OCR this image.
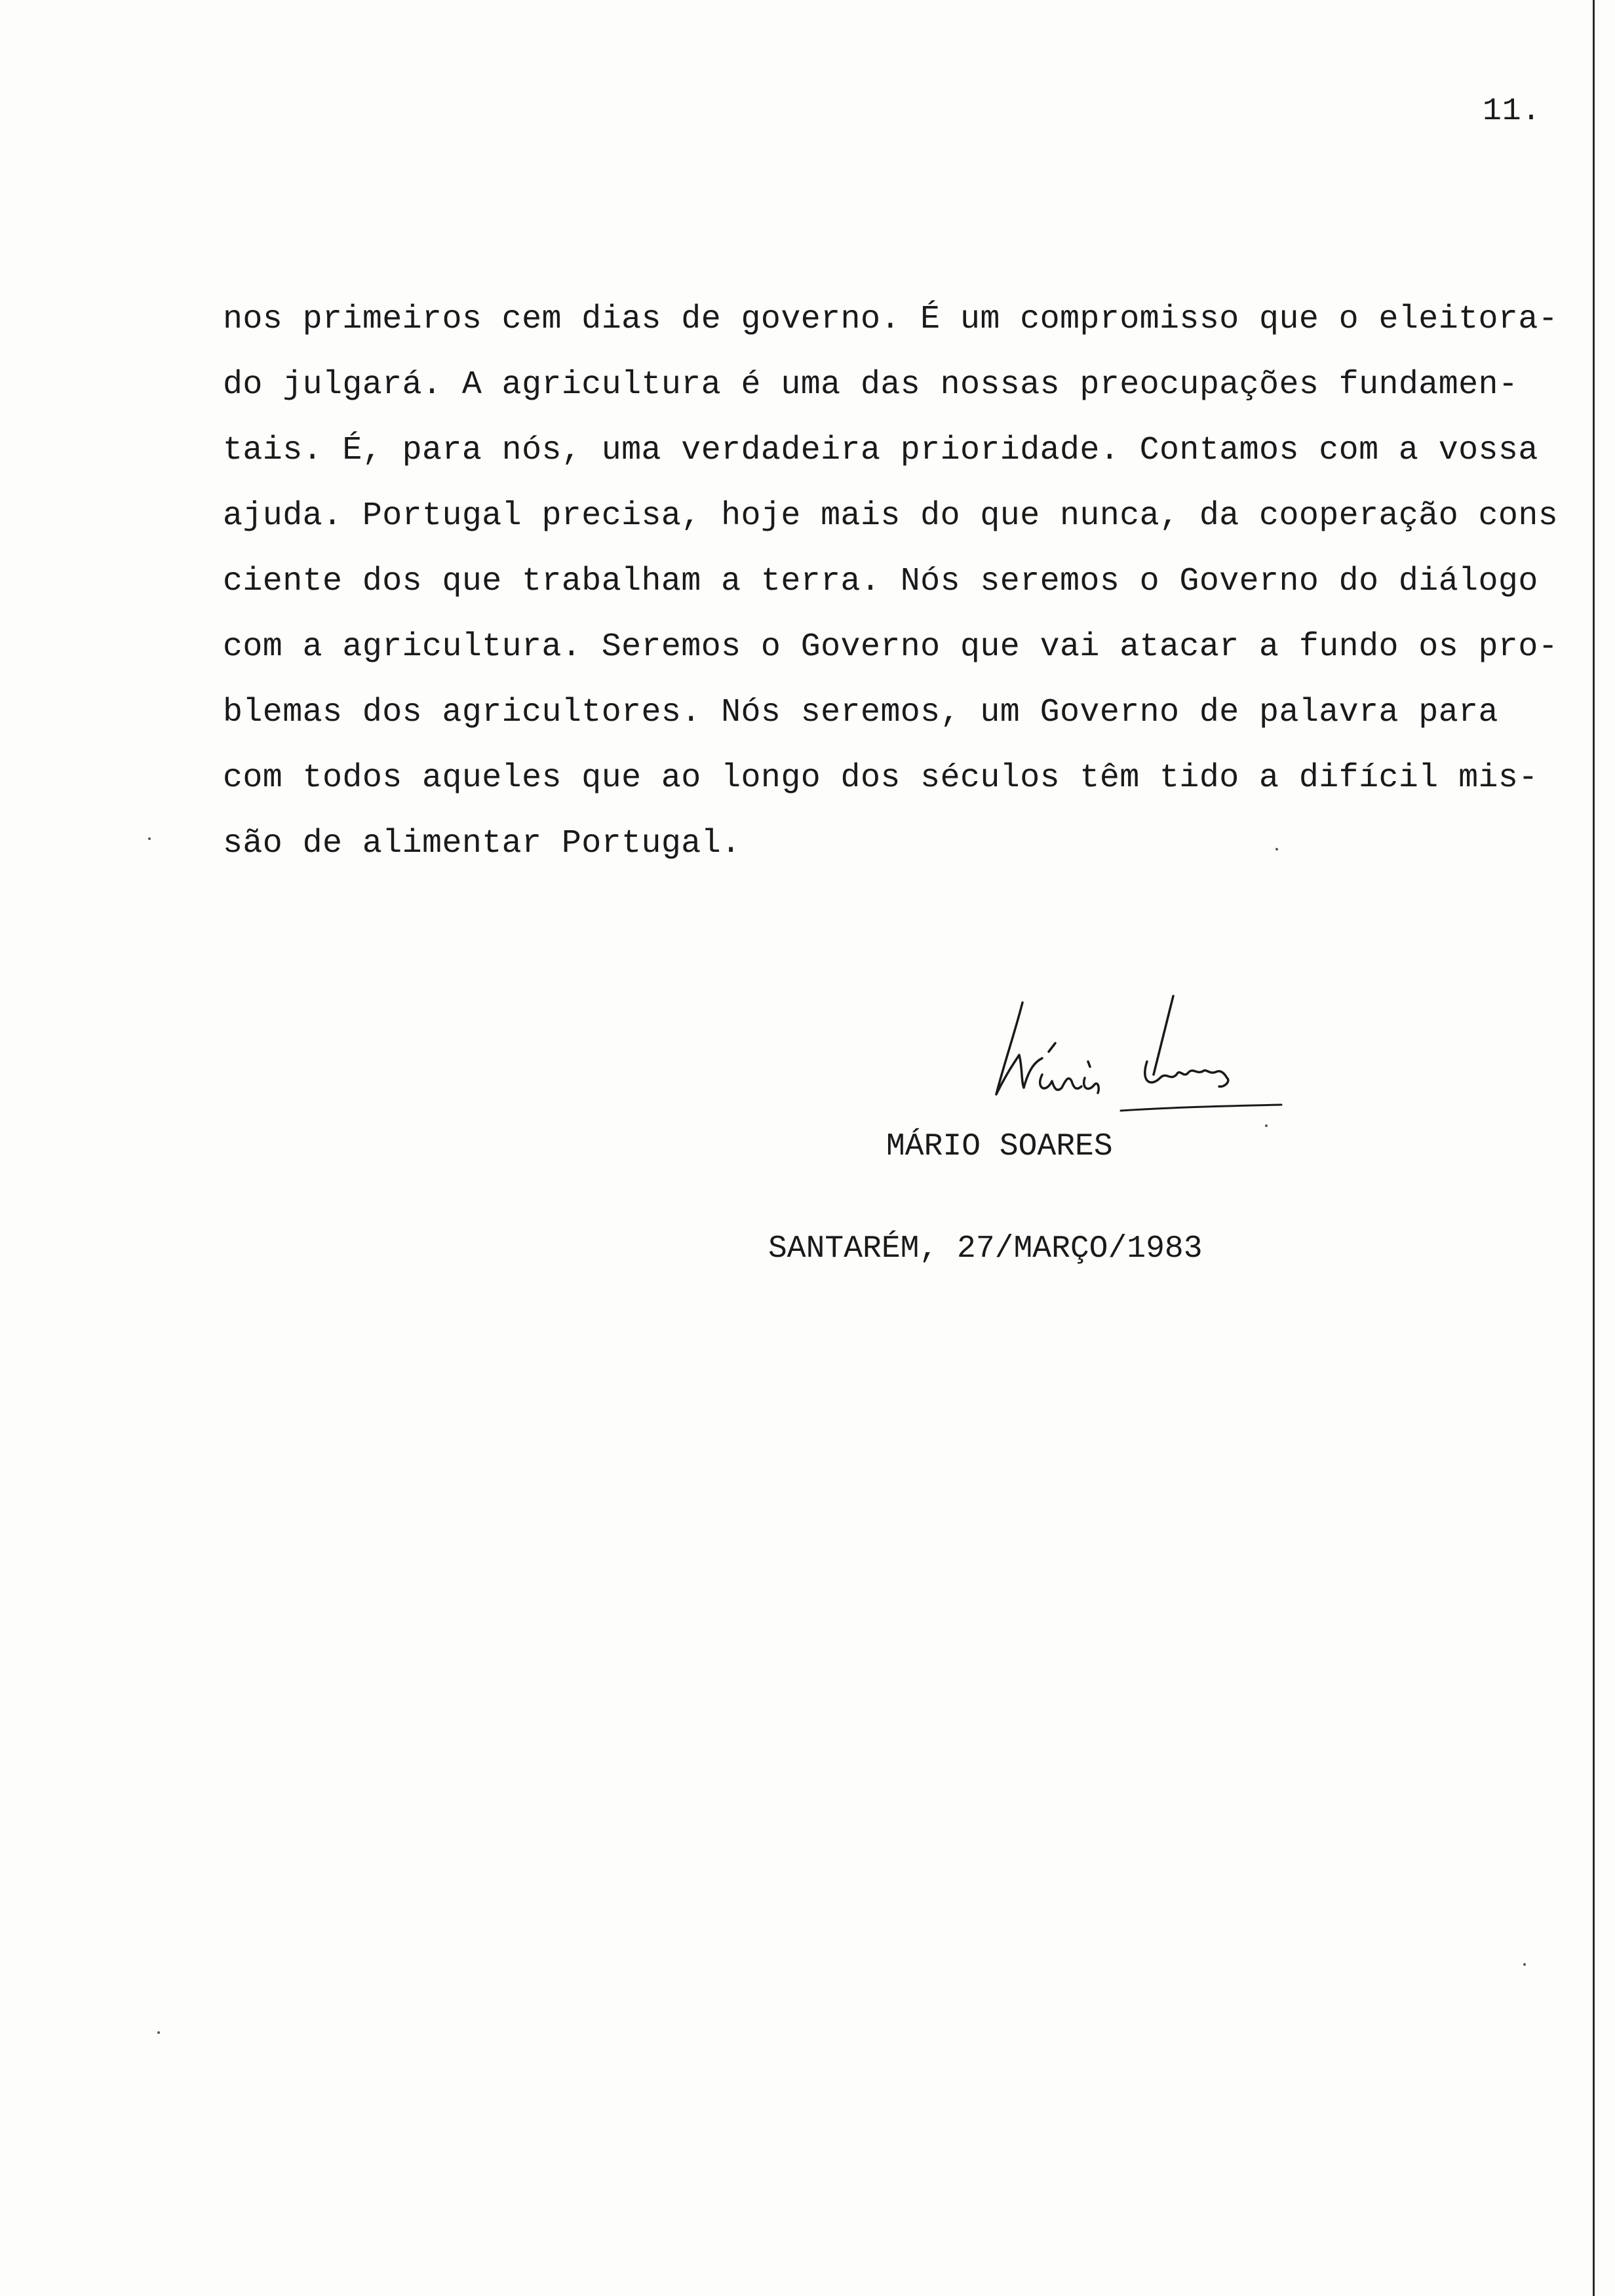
11.
nos primeiros cem dias de governo. É um compromisso que o eleitora-
do julgará. A agricultura é uma das nossas preocupações fundamen-
tais. É, para nós, uma verdadeira prioridade. Contamos com a vossa
ajuda. Portugal precisa, hoje mais do que nunca, da cooperação cons
ciente dos que trabalham a terra. Nós seremos o Governo do diálogo
com a agricultura. Seremos o Governo que vai atacar a fundo os pro-
blemas dos agricultores. Nós seremos, um Governo de palavra para
com todos aqueles que ao longo dos séculos têm tido a difícil mis-
são de alimentar Portugal.
MÁRIO SOARES
SANTARÉM, 27/MARÇO/1983
